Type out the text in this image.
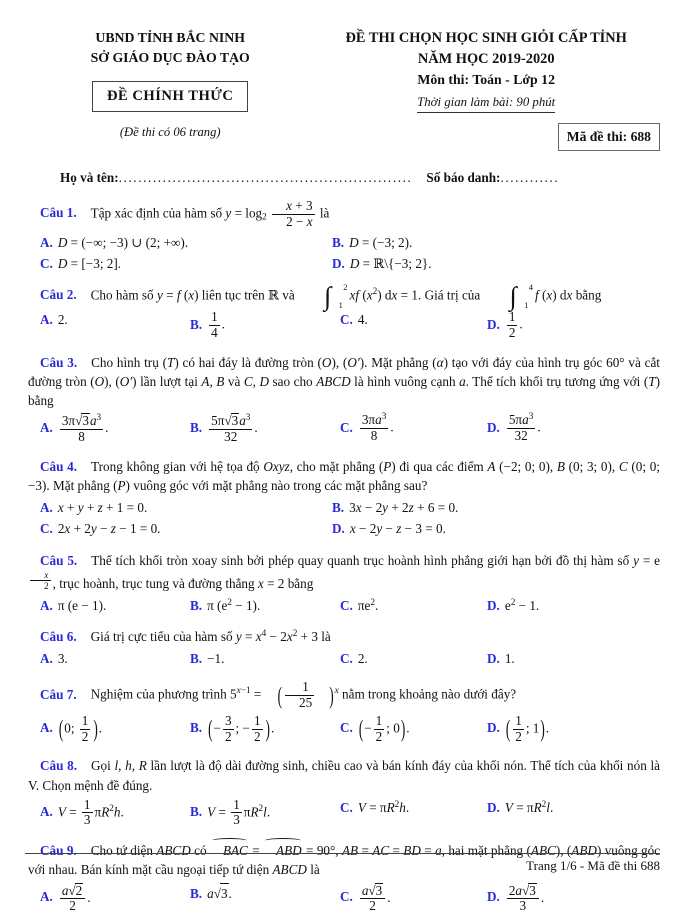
UBND TỈNH BẮC NINH
SỞ GIÁO DỤC ĐÀO TẠO
ĐỀ CHÍNH THỨC
(Đề thi có 06 trang)
ĐỀ THI CHỌN HỌC SINH GIỎI CẤP TỈNH
NĂM HỌC 2019-2020
Môn thi: Toán - Lớp 12
Thời gian làm bài: 90 phút
Mã đề thi: 688
Họ và tên:............................................................ Số báo danh:............

Câu 1. Tập xác định của hàm số $y = \log_2 \frac{x + 3}{2 - x}$ là

A. D = (−∞; −3) ∪ (2; +∞).	B. D = (−3; 2).
C. D = [−3; 2].	D. D = ℝ\{−3; 2}.

Câu 2. Cho hàm số y = f (x) liên tục trên ℝ và ∫	2
1
xf $(x^2)$ dx = 1. Giá trị của ∫	4
1
f (x) dx bằng

A. 2.	B. $\frac{1}{4}$ .	C. 4.	D. $\frac{1}{2}$ .

Câu 3. Cho hình trụ (T) có hai đáy là đường tròn (O), (O′). Mặt phẳng (α) tạo với đáy của hình trụ góc 60° và cắt đường tròn (O), (O′) lần lượt tại A, B và C, D sao cho ABCD là hình vuông cạnh a. Thể tích khối trụ tương ứng với (T) bằng

A. $\frac{3\pi√3a^3}{8}$ .	B. $\frac{5\pi√3a^3}{32}$ .	C. $\frac{3\pi a^3}{8}$ .	D. $\frac{5\pi a^3}{32}$ .

Câu 4. Trong không gian với hệ tọa độ Oxyz, cho mặt phẳng (P) đi qua các điểm A (−2; 0; 0), B (0; 3; 0), C (0; 0; −3). Mặt phẳng (P) vuông góc với mặt phẳng nào trong các mặt phẳng sau?

A. x + y + z + 1 = 0.	B. 3x − 2y + 2z + 6 = 0.
C. 2x + 2y − z − 1 = 0.	D. x − 2y − z − 3 = 0.

Câu 5. Thể tích khối tròn xoay sinh bởi phép quay quanh trục hoành hình phẳng giới hạn bởi đồ thị hàm số y = e
$^{\frac{x}{2}}$ , trục hoành, trục tung và đường thẳng x = 2 bằng

A. π (e − 1).	B. π $(e^2 - 1)$.	C. $\pi e^2$.	D. $e^2 - 1$.

Câu 6. Giá trị cực tiểu của hàm số $y = x^4 - 2x^2 + 3$ là

A. 3.	B. −1.	C. 2.	D. 1.

Câu 7. Nghiệm của phương trình $5^{x-1}$ = ( $\frac{1}{25} )^x$ nằm trong khoảng nào dưới đây?

A. (0; $\frac{1}{2}$ ).	B. (− $\frac{3}{2}$ ; − $\frac{1}{2}$ ).	C. (− $\frac{1}{2}$ ; 0).	D. ( $\frac{1}{2}$ ; 1).

Câu 8. Gọi l, h, R lần lượt là độ dài đường sinh, chiều cao và bán kính đáy của khối nón. Thể tích của khối nón là V. Chọn mệnh đề đúng.

A. $V = \frac{1}{3} \pi R^2h$.	B. $V = \frac{1}{3} \pi R^2l$.	C. $V = \pi R^2h$.	D. $V = \pi R^2l$.

Câu 9. Cho tứ diện ABCD có BAC = ABD = 90°, AB = AC = BD = a, hai mặt phẳng (ABC), (ABD) vuông góc với nhau. Bán kính mặt cầu ngoại tiếp tứ diện ABCD là

A. $\frac{a√2}{2}$ .	B. a√3.	C. $\frac{a√3}{2}$ .	D. $\frac{2a√3}{3}$ .
Trang 1/6 - Mã đề thi 688
